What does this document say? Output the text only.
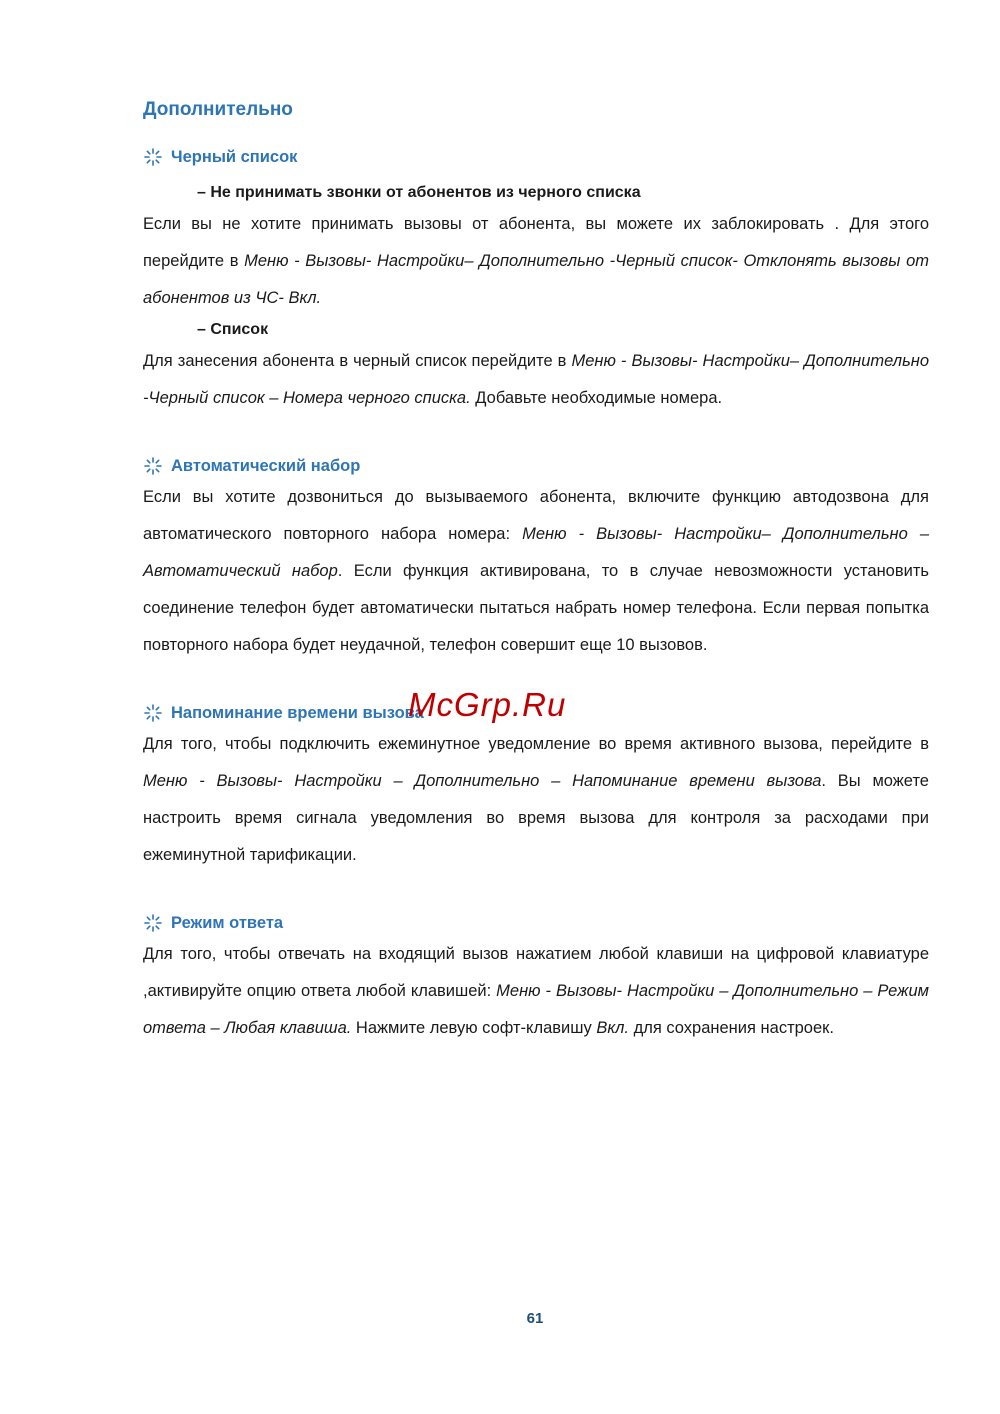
Дополнительно
Черный список
– Не принимать звонки от абонентов из черного списка

Если вы не хотите принимать вызовы от абонента, вы можете их заблокировать . Для этого перейдите в Меню - Вызовы- Настройки– Дополнительно -Черный список- Отклонять вызовы от абонентов из ЧС- Вкл.

– Список

Для занесения абонента в черный список перейдите в Меню - Вызовы- Настройки– Дополнительно -Черный список – Номера черного списка. Добавьте необходимые номера.

Автоматический набор

Если вы хотите дозвониться до вызываемого абонента, включите функцию автодозвона для автоматического повторного набора номера: Меню - Вызовы- Настройки– Дополнительно – Автоматический набор. Если функция активирована, то в случае невозможности установить соединение телефон будет автоматически пытаться набрать номер телефона. Если первая попытка повторного набора будет неудачной, телефон совершит еще 10 вызовов.

Напоминание времени вызова

Для того, чтобы подключить ежеминутное уведомление во время активного вызова, перейдите в Меню - Вызовы- Настройки – Дополнительно – Напоминание времени вызова. Вы можете настроить время сигнала уведомления во время вызова для контроля за расходами при ежеминутной тарификации.

Режим ответа

Для того, чтобы отвечать на входящий вызов нажатием любой клавиши на цифровой клавиатуре ,активируйте опцию ответа любой клавишей: Меню - Вызовы- Настройки – Дополнительно – Режим ответа – Любая клавиша. Нажмите левую софт-клавишу Вкл. для сохранения настроек.

McGrp.Ru
61
